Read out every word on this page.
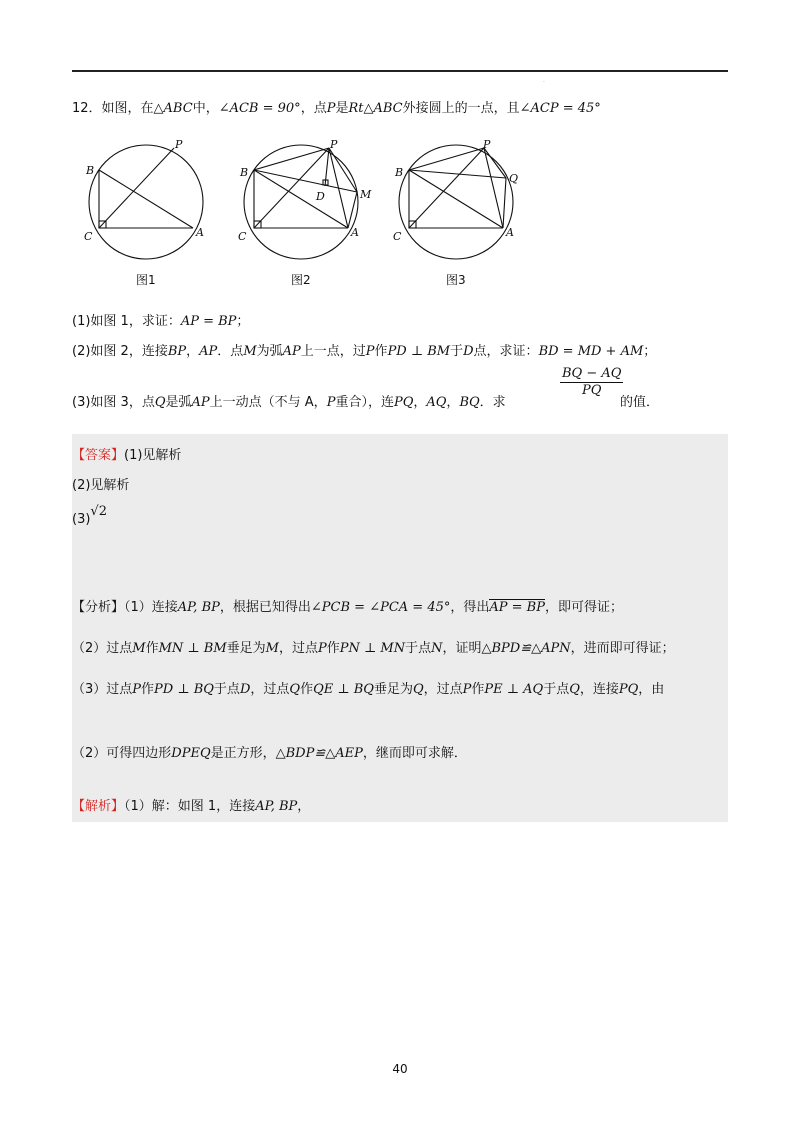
·
12．如图，在△ABC中，∠ACB = 90°，点P是Rt△ABC外接圆上的一点，且∠ACP = 45°
B
P
C	A
B
P
D	M
C	A
B
P
Q
C	A
图1	图2	图3
(1)如图 1，求证：AP = BP；
(2)如图 2，连接BP，AP．点M为弧AP上一点，过P作PD ⊥ BM于D点，求证：BD = MD + AM；
(3)如图 3，点Q是弧AP上一动点（不与 A，P重合），连PQ，AQ，BQ．求
$\frac{BQ - AQ}{PQ}$
的值．
【答案】(1)见解析
(2)见解析
(3)√2
【分析】（1）连接AP, BP，根据已知得出∠PCB = ∠PCA = 45°，得出AP = BP，即可得证；
（2）过点M作MN ⊥ BM垂足为M，过点P作PN ⊥ MN于点N，证明△BPD≌△APN，进而即可得证；
（3）过点P作PD ⊥ BQ于点D，过点Q作QE ⊥ BQ垂足为Q，过点P作PE ⊥ AQ于点Q，连接PQ，由
（2）可得四边形DPEQ是正方形，△BDP≌△AEP，继而即可求解．
【解析】（1）解：如图 1，连接AP, BP，
40
